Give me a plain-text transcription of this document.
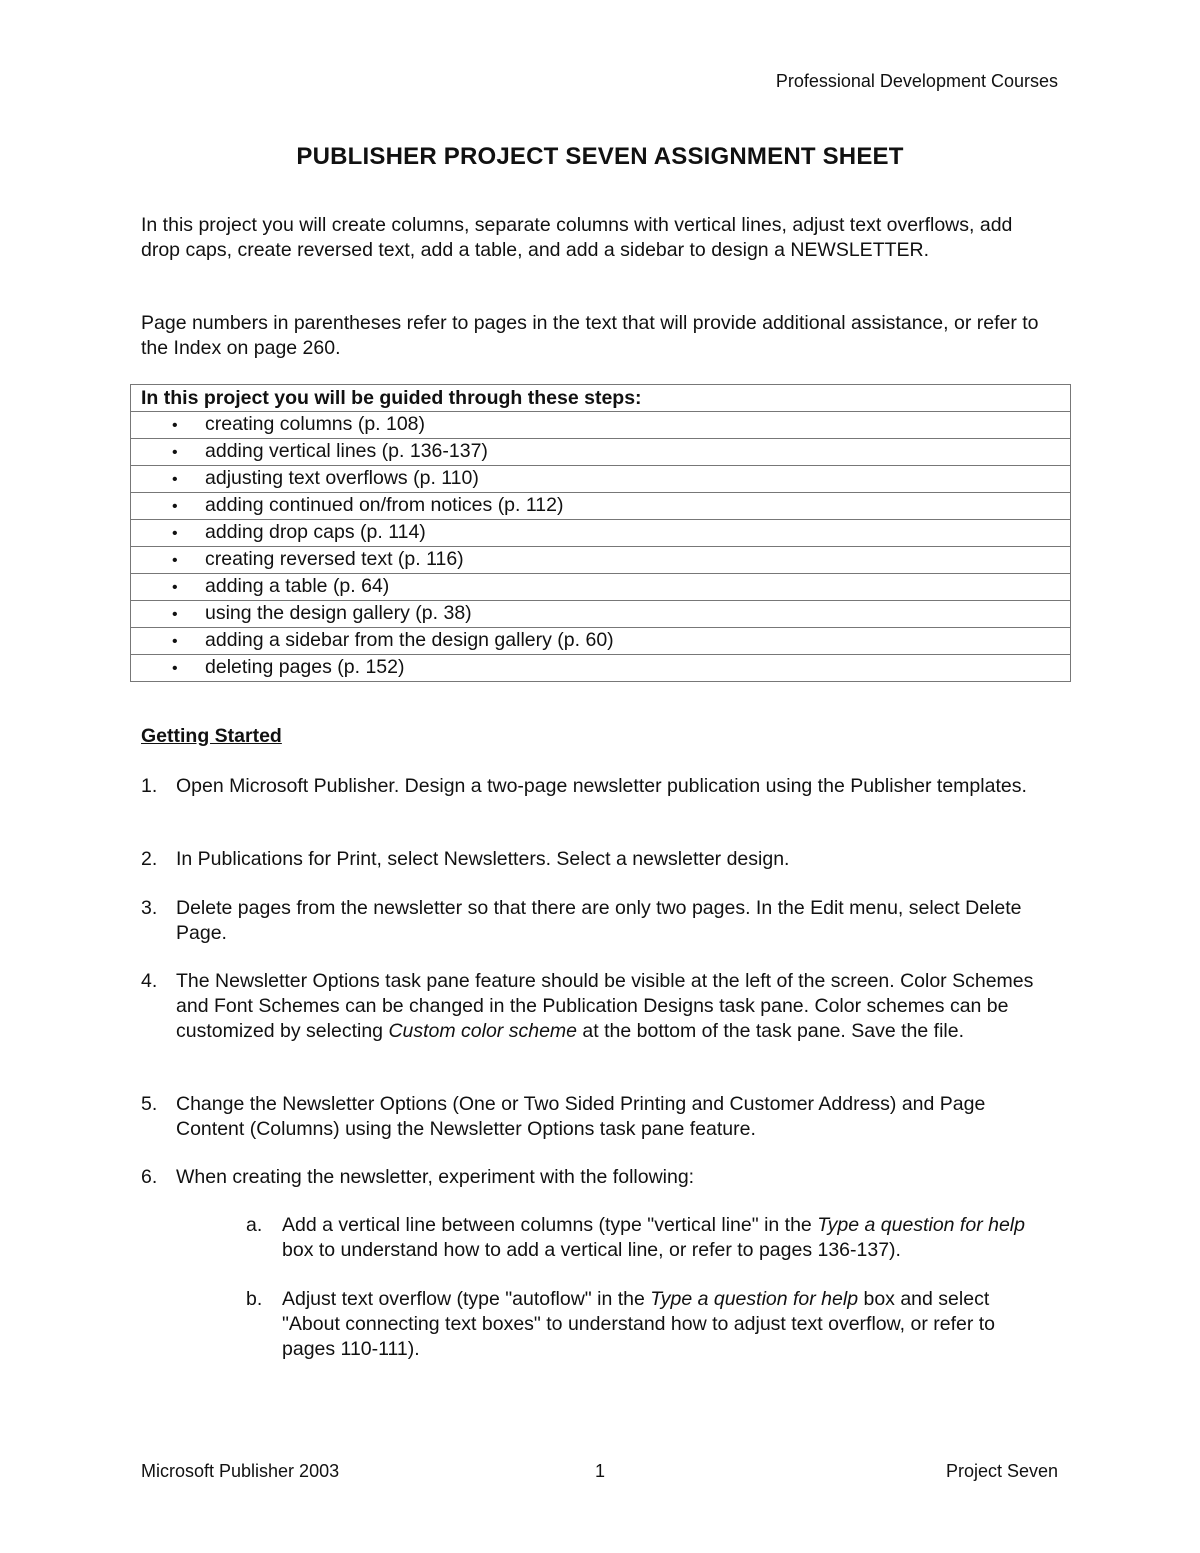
Professional Development Courses
PUBLISHER PROJECT SEVEN ASSIGNMENT SHEET

In this project you will create columns, separate columns with vertical lines, adjust text overflows, add drop caps, create reversed text, add a table, and add a sidebar to design a NEWSLETTER.

Page numbers in parentheses refer to pages in the text that will provide additional assistance, or refer to the Index on page 260.

In this project you will be guided through these steps:
• creating columns (p. 108)
• adding vertical lines (p. 136-137)
• adjusting text overflows (p. 110)
• adding continued on/from notices (p. 112)
• adding drop caps (p. 114)
• creating reversed text (p. 116)
• adding a table (p. 64)
• using the design gallery (p. 38)
• adding a sidebar from the design gallery (p. 60)
• deleting pages (p. 152)
Getting Started
1. Open Microsoft Publisher. Design a two-page newsletter publication using the Publisher templates.
2. In Publications for Print, select Newsletters. Select a newsletter design.
3. Delete pages from the newsletter so that there are only two pages. In the Edit menu, select Delete Page.
4. The Newsletter Options task pane feature should be visible at the left of the screen. Color Schemes and Font Schemes can be changed in the Publication Designs task pane. Color schemes can be customized by selecting Custom color scheme at the bottom of the task pane. Save the file.
5. Change the Newsletter Options (One or Two Sided Printing and Customer Address) and Page Content (Columns) using the Newsletter Options task pane feature.
6. When creating the newsletter, experiment with the following:
a.	Add a vertical line between columns (type "vertical line" in the Type a question for help box to understand how to add a vertical line, or refer to pages 136-137).
b.	Adjust text overflow (type "autoflow" in the Type a question for help box and select "About connecting text boxes" to understand how to adjust text overflow, or refer to pages 110-111).
Microsoft Publisher 2003	1	Project Seven
